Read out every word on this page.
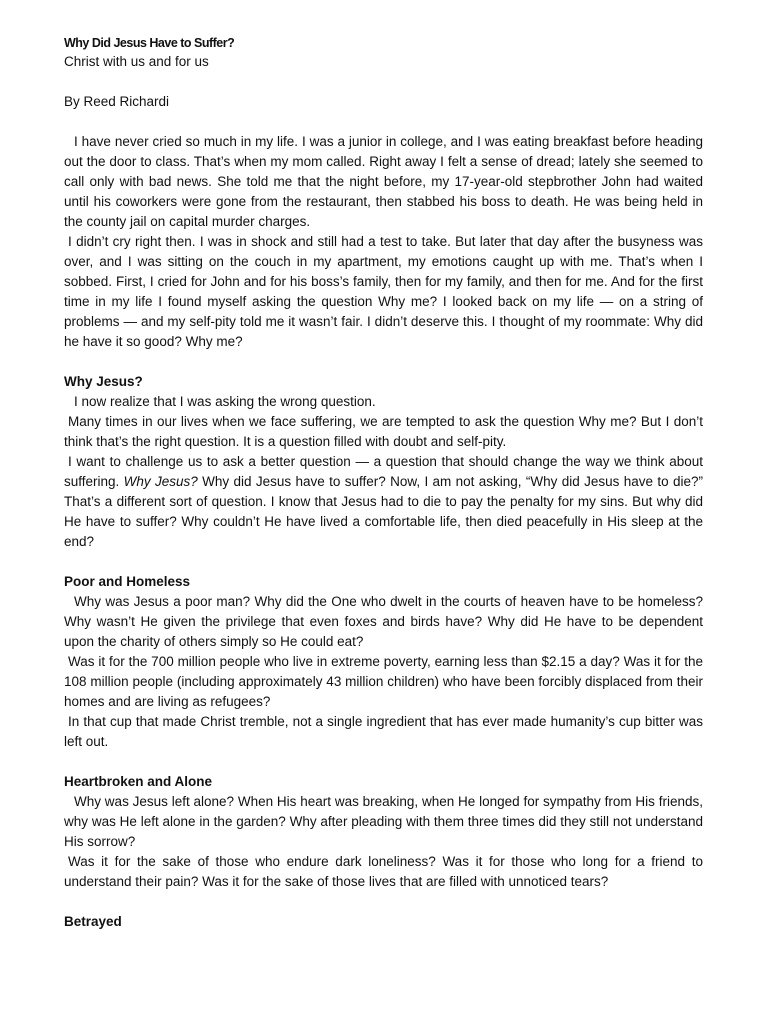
Why Did Jesus Have to Suffer?

Christ with us and for us

By Reed Richardi

I have never cried so much in my life. I was a junior in college, and I was eating breakfast before heading out the door to class. That’s when my mom called. Right away I felt a sense of dread; lately she seemed to call only with bad news. She told me that the night before, my 17-year-old stepbrother John had waited until his coworkers were gone from the restaurant, then stabbed his boss to death. He was being held in the county jail on capital murder charges.

I didn’t cry right then. I was in shock and still had a test to take. But later that day after the busyness was over, and I was sitting on the couch in my apartment, my emotions caught up with me. That’s when I sobbed. First, I cried for John and for his boss’s family, then for my family, and then for me. And for the first time in my life I found myself asking the question Why me? I looked back on my life — on a string of problems — and my self-pity told me it wasn’t fair. I didn’t deserve this. I thought of my roommate: Why did he have it so good? Why me?

Why Jesus?

I now realize that I was asking the wrong question.

Many times in our lives when we face suffering, we are tempted to ask the question Why me? But I don’t think that’s the right question. It is a question filled with doubt and self-pity.

I want to challenge us to ask a better question — a question that should change the way we think about suffering. Why Jesus? Why did Jesus have to suffer? Now, I am not asking, “Why did Jesus have to die?” That’s a different sort of question. I know that Jesus had to die to pay the penalty for my sins. But why did He have to suffer? Why couldn’t He have lived a comfortable life, then died peacefully in His sleep at the end?

Poor and Homeless

Why was Jesus a poor man? Why did the One who dwelt in the courts of heaven have to be homeless? Why wasn’t He given the privilege that even foxes and birds have? Why did He have to be dependent upon the charity of others simply so He could eat?

Was it for the 700 million people who live in extreme poverty, earning less than $2.15 a day? Was it for the 108 million people (including approximately 43 million children) who have been forcibly displaced from their homes and are living as refugees?

In that cup that made Christ tremble, not a single ingredient that has ever made humanity’s cup bitter was left out.

Heartbroken and Alone

Why was Jesus left alone? When His heart was breaking, when He longed for sympathy from His friends, why was He left alone in the garden? Why after pleading with them three times did they still not understand His sorrow?

Was it for the sake of those who endure dark loneliness? Was it for those who long for a friend to understand their pain? Was it for the sake of those lives that are filled with unnoticed tears?

Betrayed
